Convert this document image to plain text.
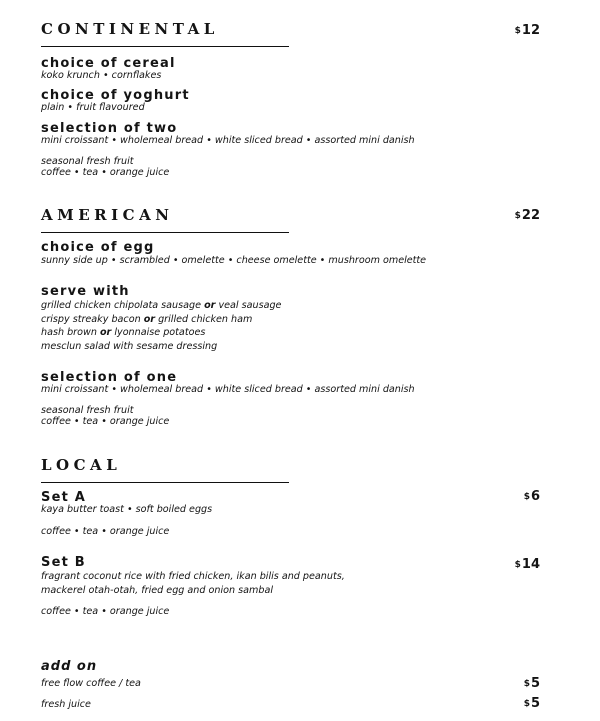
CONTINENTAL	$12
choice of cereal
koko krunch • cornflakes
choice of yoghurt
plain • fruit flavoured
selection of two
mini croissant • wholemeal bread • white sliced bread • assorted mini danish
seasonal fresh fruit
coffee • tea • orange juice
AMERICAN	$22
choice of egg
sunny side up • scrambled • omelette • cheese omelette • mushroom omelette
serve with
grilled chicken chipolata sausage or veal sausage
crispy streaky bacon or grilled chicken ham
hash brown or lyonnaise potatoes
mesclun salad with sesame dressing
selection of one
mini croissant • wholemeal bread • white sliced bread • assorted mini danish
seasonal fresh fruit
coffee • tea • orange juice
LOCAL
Set A	$6
kaya butter toast • soft boiled eggs
coffee • tea • orange juice
Set B	$14
fragrant coconut rice with fried chicken, ikan bilis and peanuts,
mackerel otah-otah, fried egg and onion sambal
coffee • tea • orange juice
add on
free flow coffee / tea	$5
fresh juice	$5
